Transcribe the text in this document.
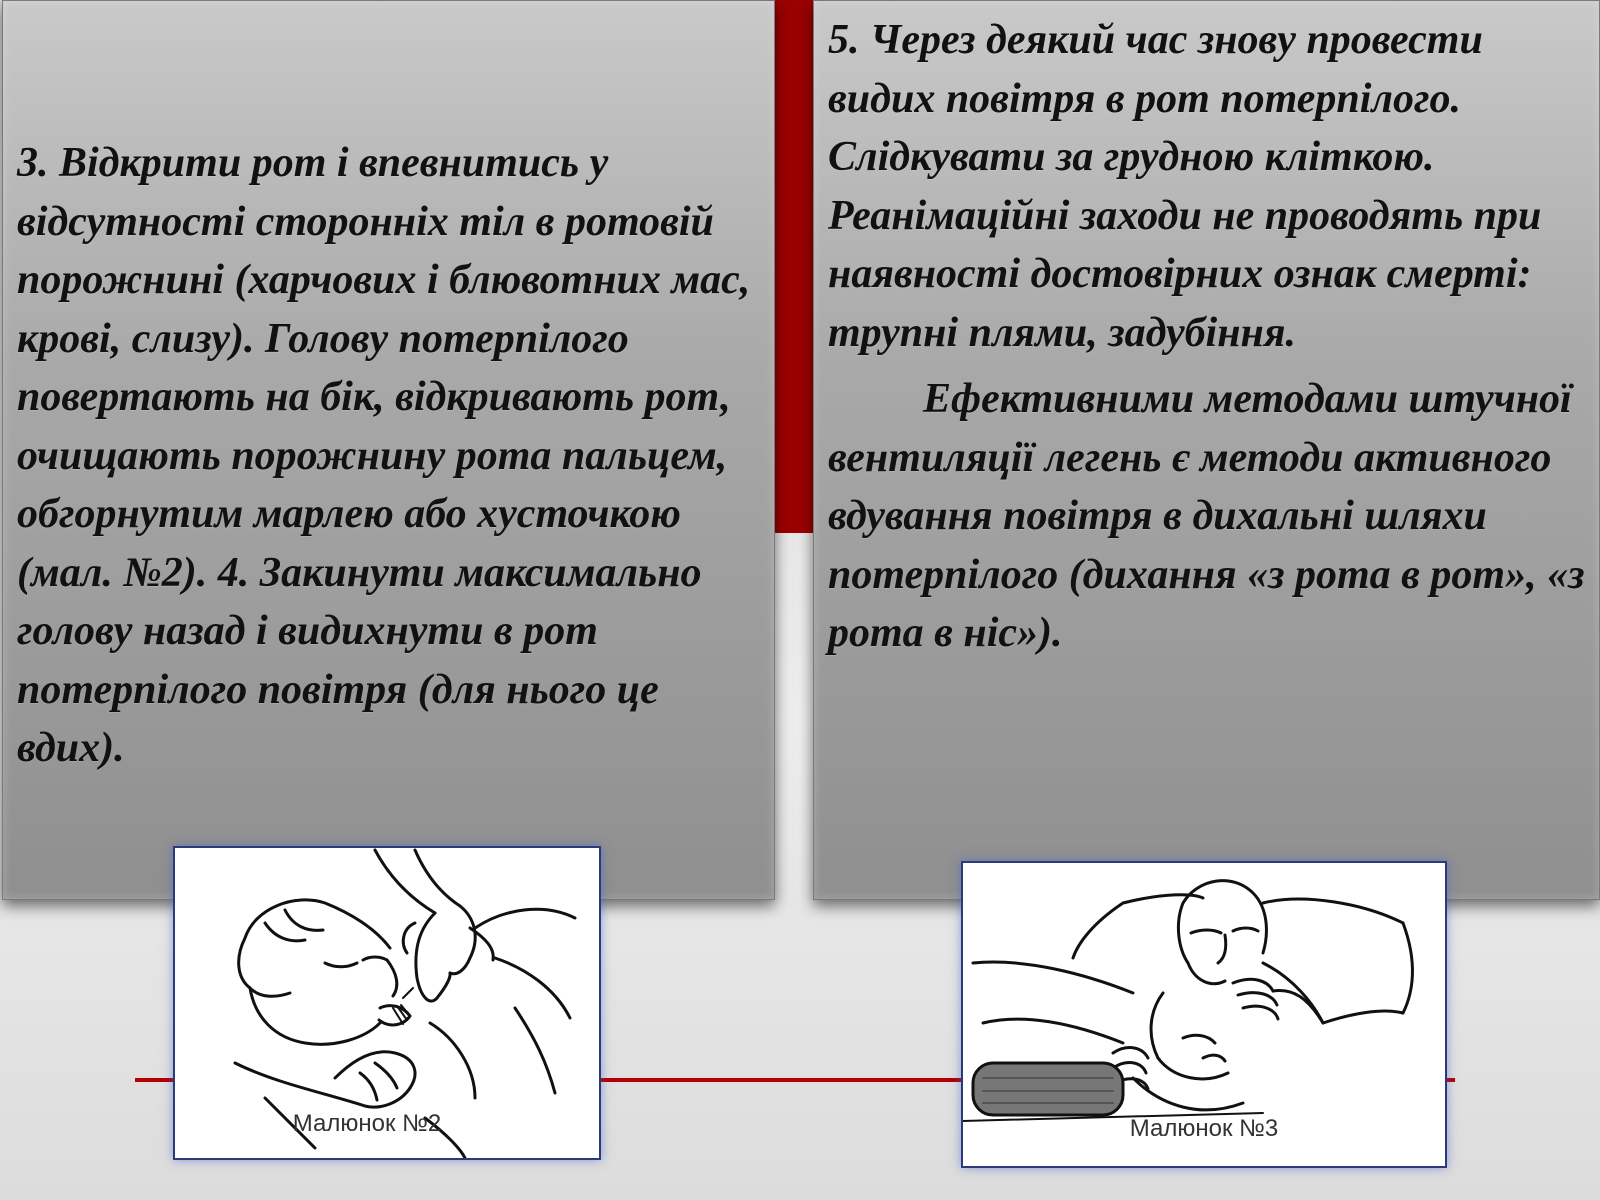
3. Відкрити рот і впевнитись у відсутності сторонніх тіл в ротовій порожнині (харчових і блювотних мас, крові, слизу). Голову потерпілого повертають на бік, відкривають рот, очищають порожнину рота пальцем, обгорнутим марлею або хусточкою (мал. №2). 4. Закинути максимально голову назад і видихнути в рот потерпілого повітря (для нього це вдих).

5. Через деякий час знову провести видих повітря в рот потерпілого. Слідкувати за грудною кліткою. Реанімаційні заходи не проводять при наявності достовірних ознак смерті: трупні плями, задубіння.

Ефективними методами штучної вентиляції легень є методи активного вдування повітря в дихальні шляхи потерпілого (дихання «з рота в рот», «з рота в ніс»).

Малюнок №2	Малюнок №3
